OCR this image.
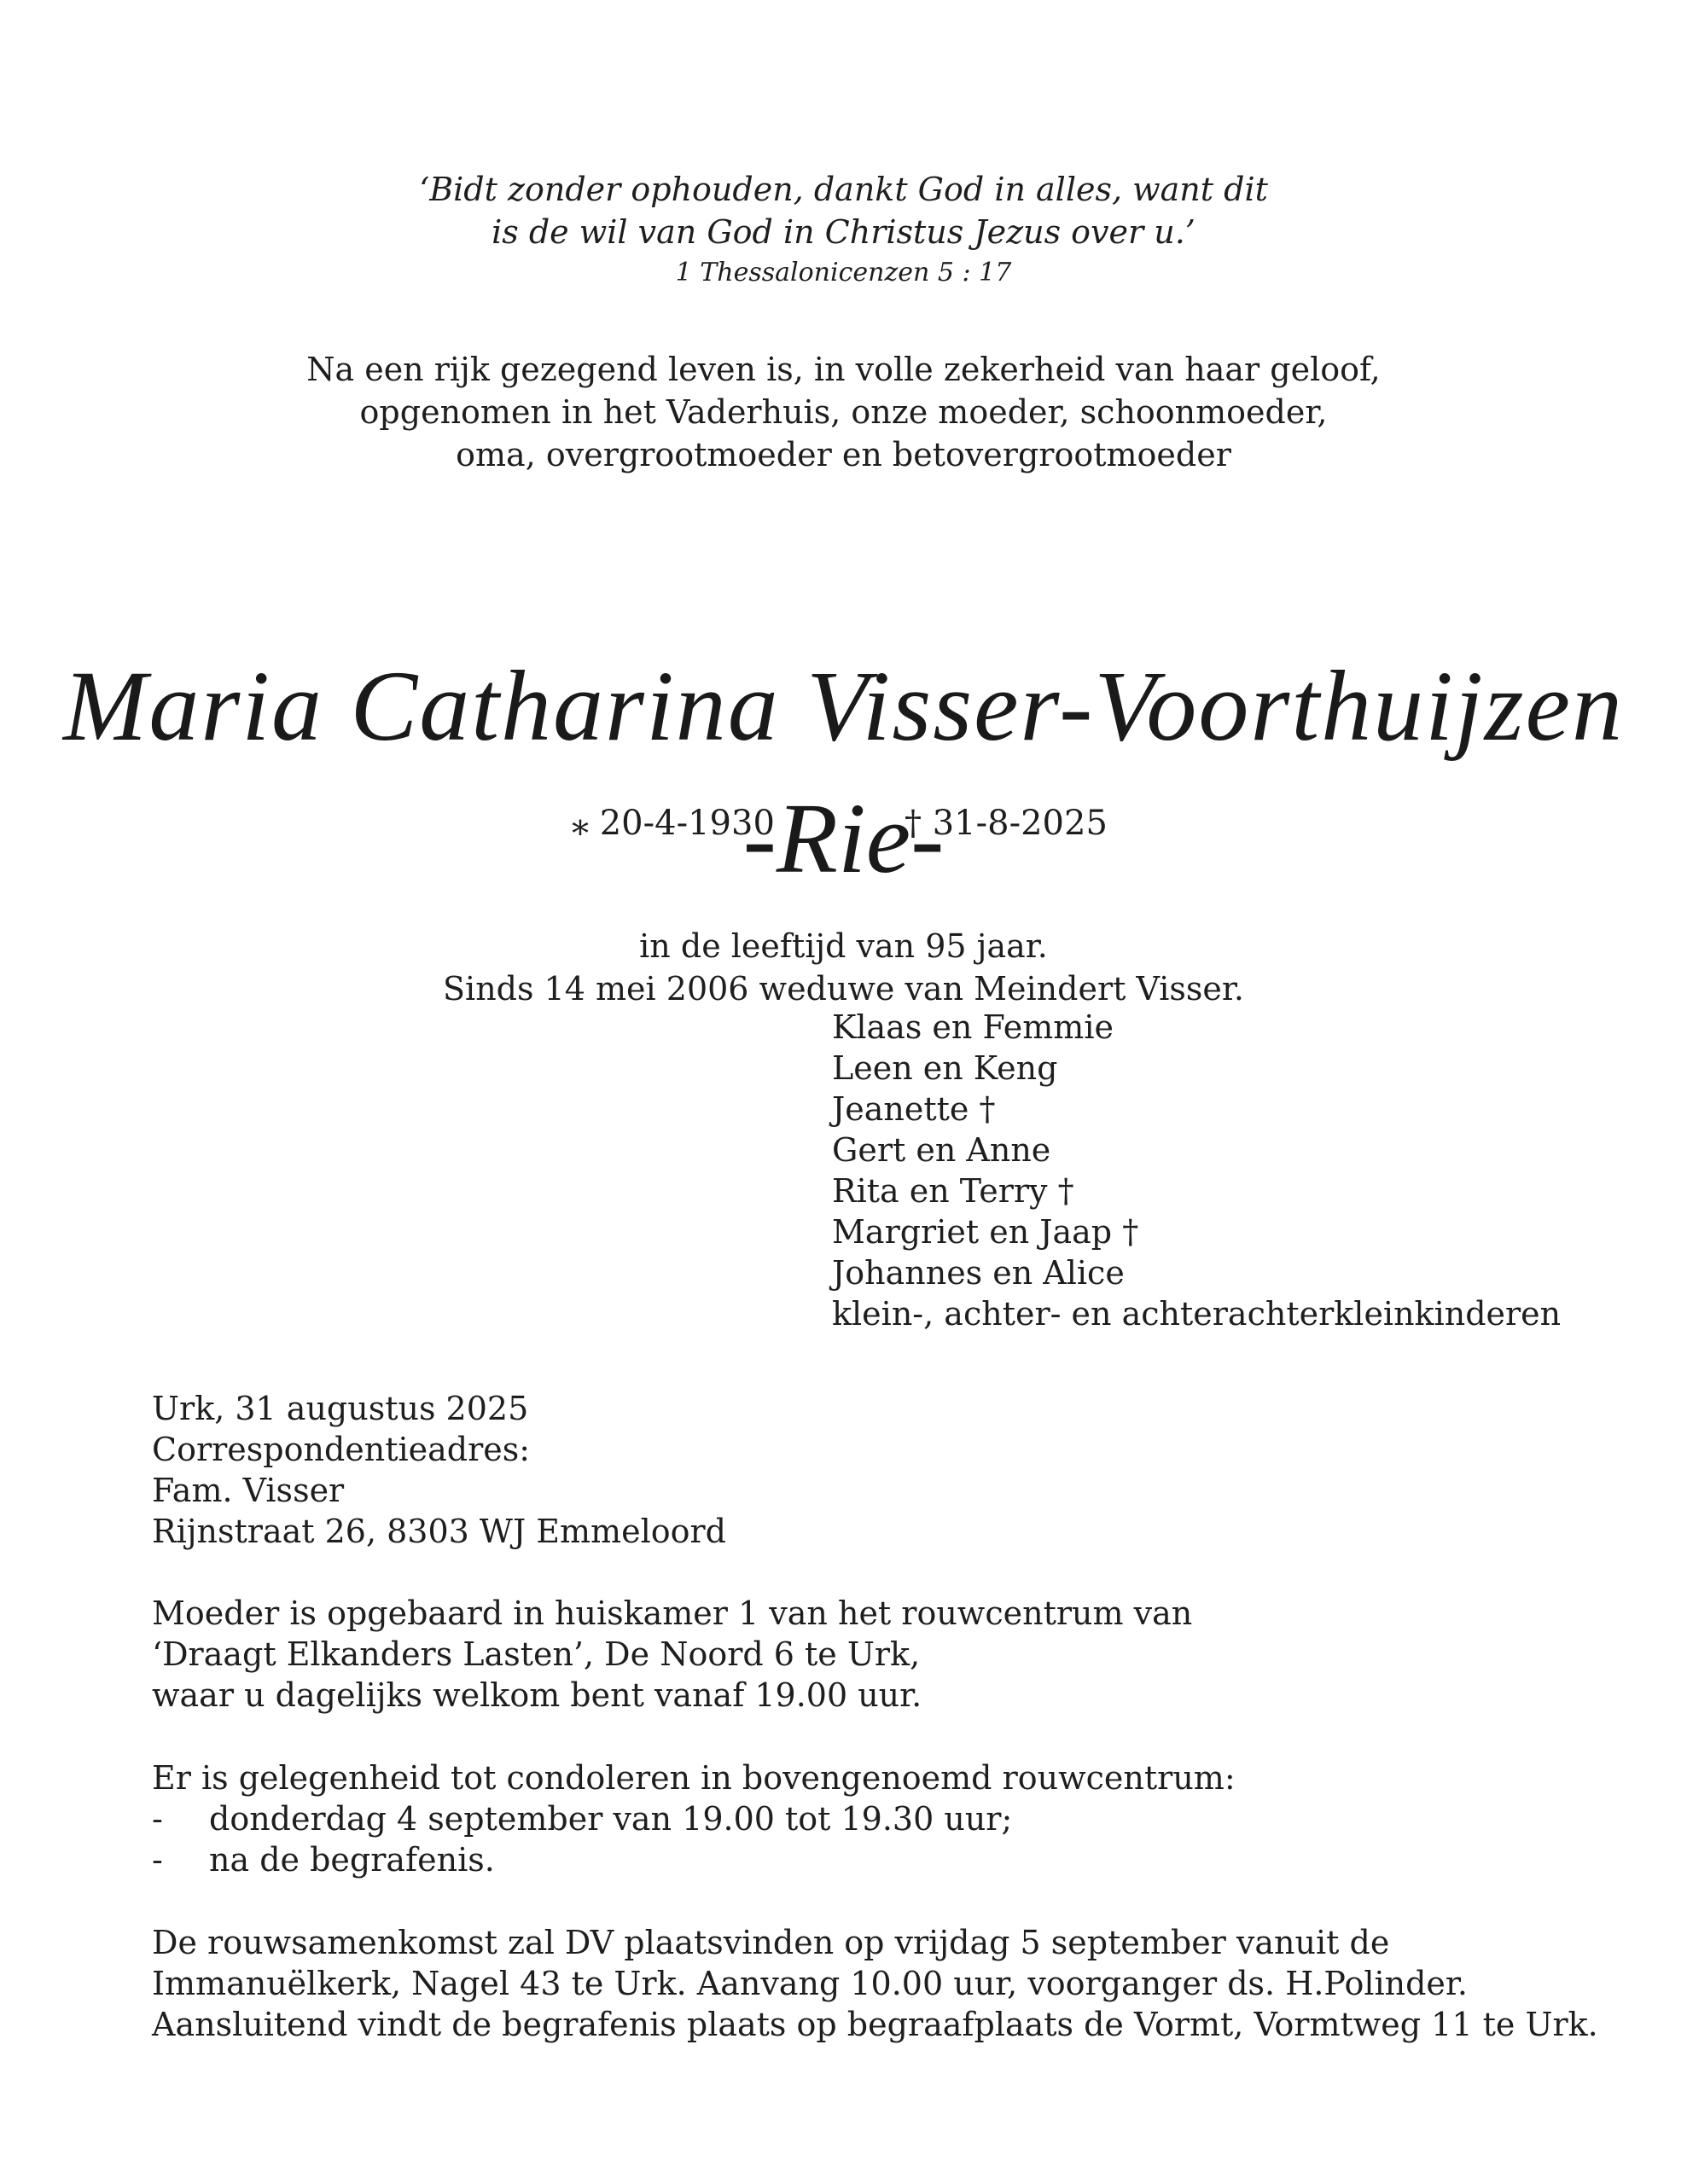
‘Bidt zonder ophouden, dankt God in alles, want dit

is de wil van God in Christus Jezus over u.’

1 Thessalonicenzen 5 : 17

Na een rijk gezegend leven is, in volle zekerheid van haar geloof,

opgenomen in het Vaderhuis, onze moeder, schoonmoeder,

oma, overgrootmoeder en betovergrootmoeder

Maria Catharina Visser-Voorthuijzen

-Rie-

⁎ 20-4-1930	† 31-8-2025

in de leeftijd van 95 jaar.

Sinds 14 mei 2006 weduwe van Meindert Visser.

Klaas en Femmie
Leen en Keng
Jeanette †
Gert en Anne
Rita en Terry †
Margriet en Jaap †
Johannes en Alice
klein-, achter- en achterachterkleinkinderen
Urk, 31 augustus 2025
Correspondentieadres:
Fam. Visser
Rijnstraat 26, 8303 WJ Emmeloord
Moeder is opgebaard in huiskamer 1 van het rouwcentrum van
‘Draagt Elkanders Lasten’, De Noord 6 te Urk,
waar u dagelijks welkom bent vanaf 19.00 uur.
Er is gelegenheid tot condoleren in bovengenoemd rouwcentrum:
- donderdag 4 september van 19.00 tot 19.30 uur;
- na de begrafenis.
De rouwsamenkomst zal DV plaatsvinden op vrijdag 5 september vanuit de
Immanuëlkerk, Nagel 43 te Urk. Aanvang 10.00 uur, voorganger ds. H.Polinder.
Aansluitend vindt de begrafenis plaats op begraafplaats de Vormt, Vormtweg 11 te Urk.
